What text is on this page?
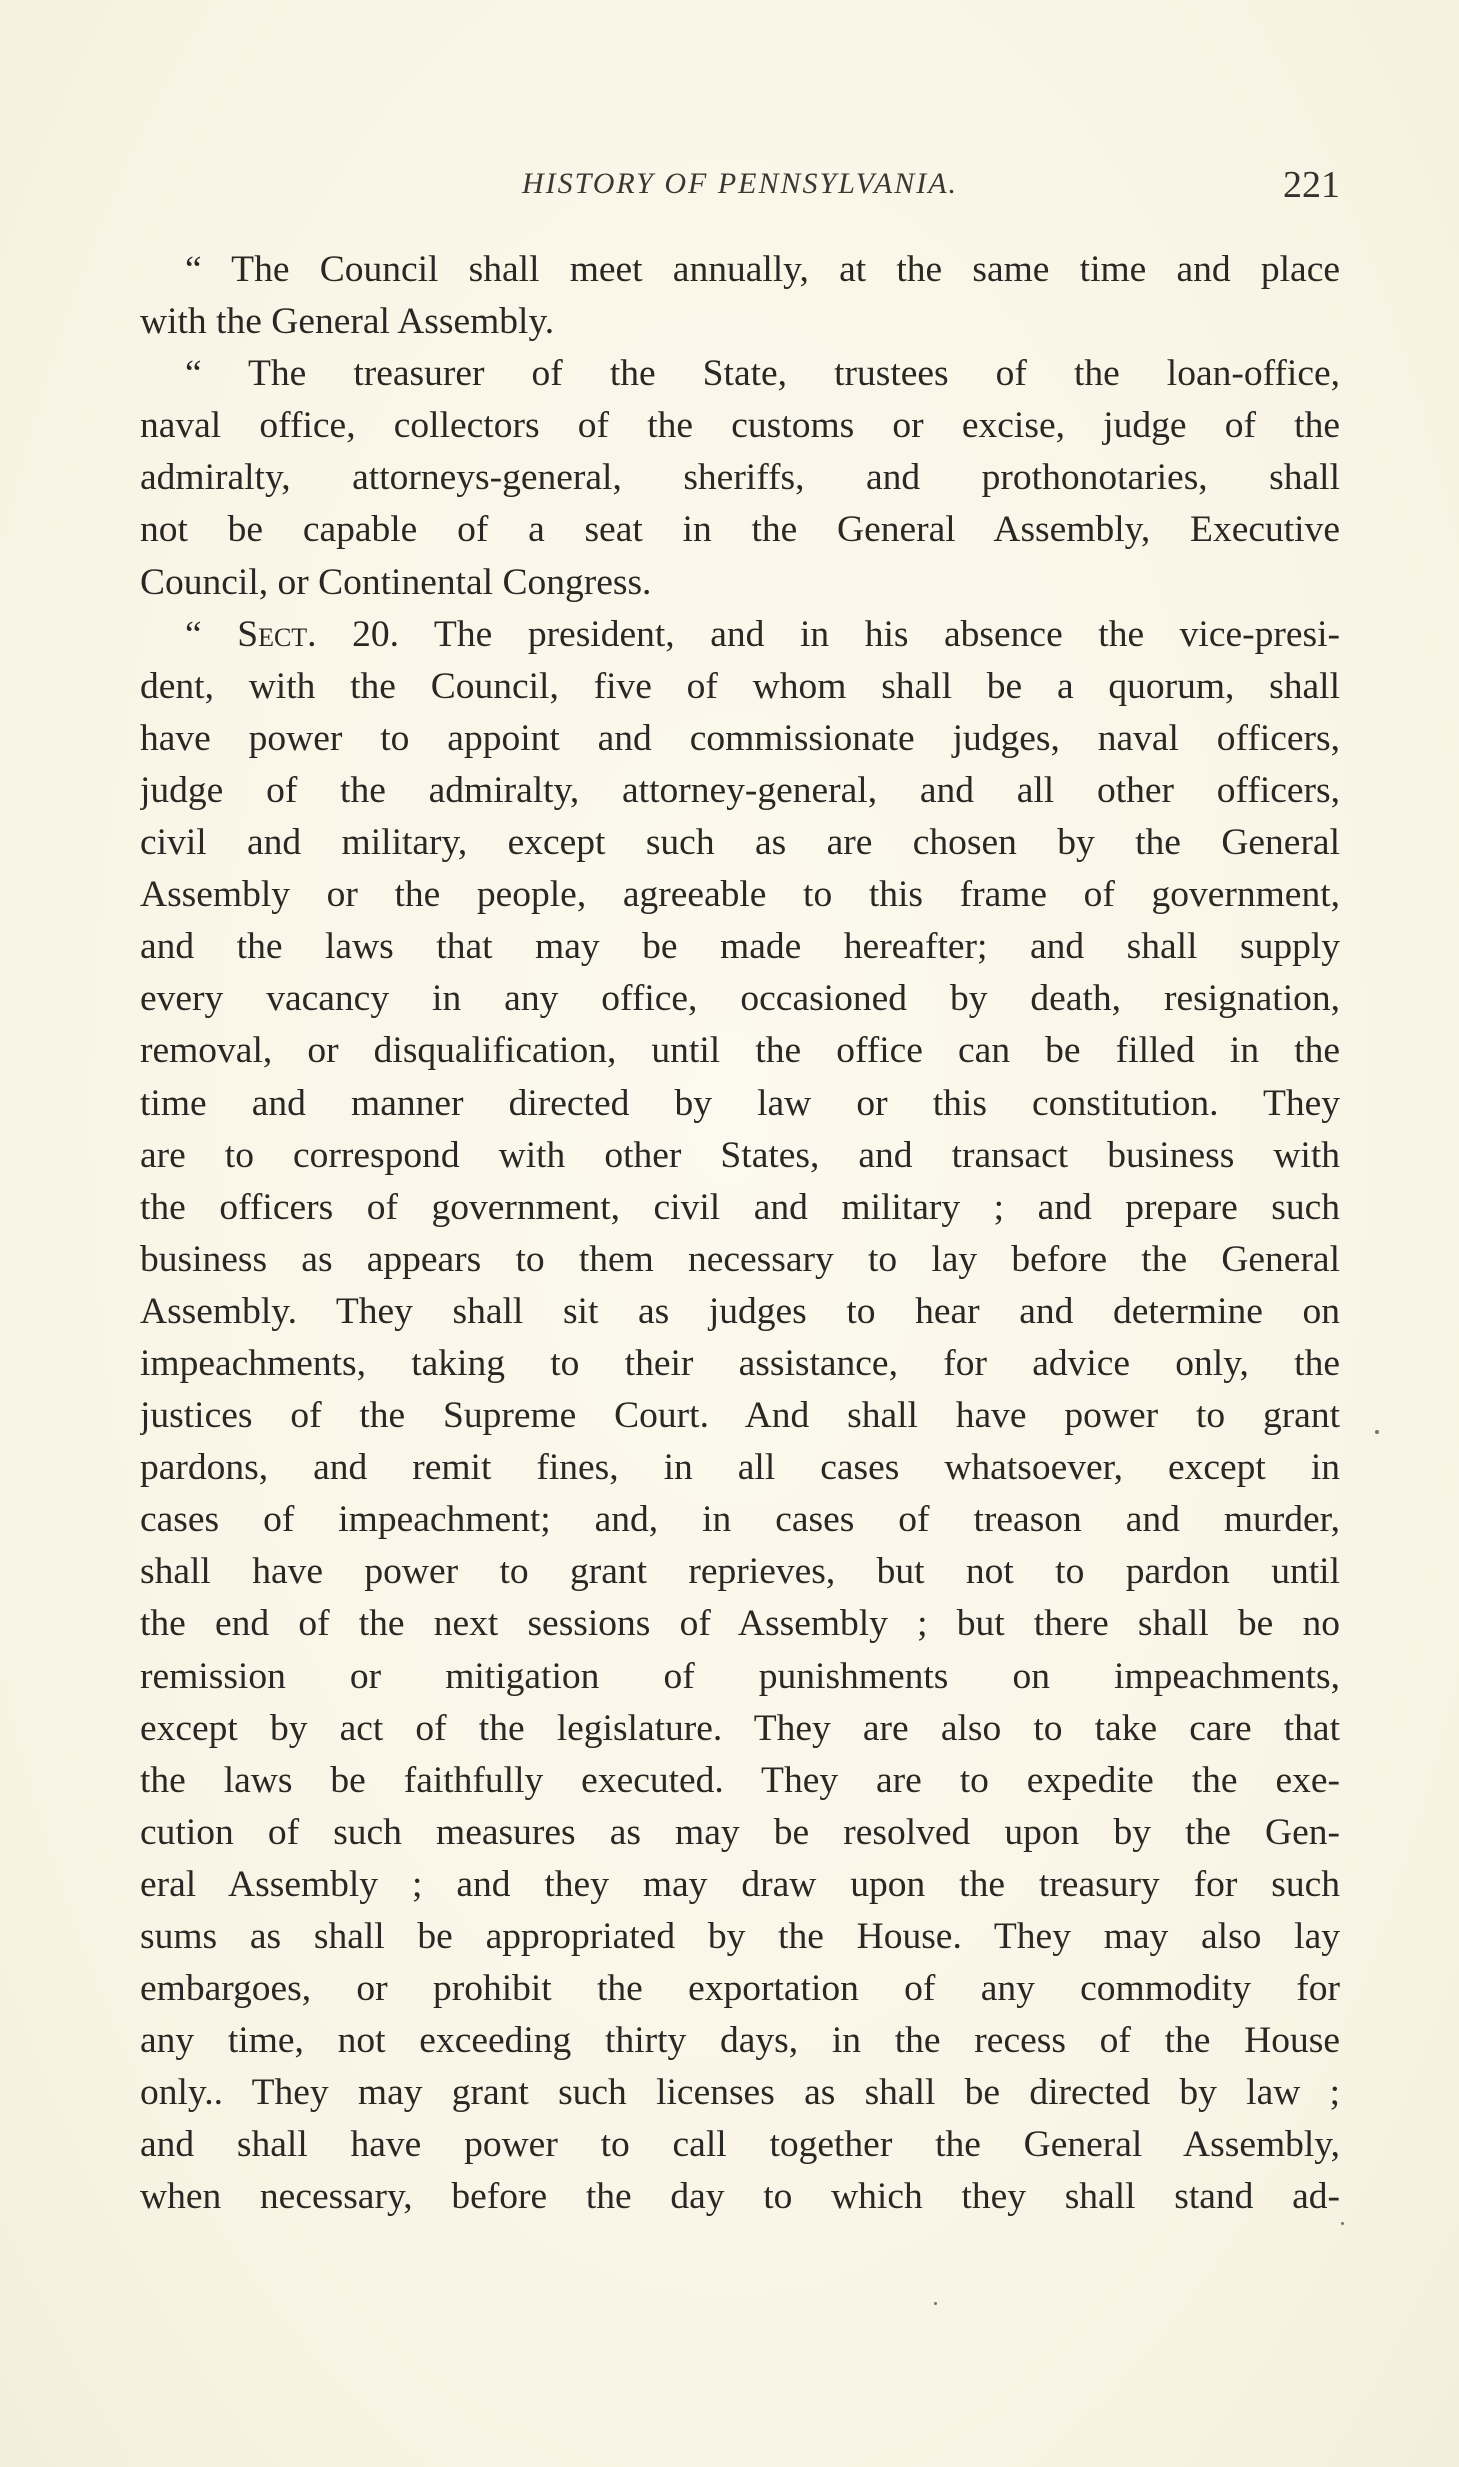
HISTORY OF PENNSYLVANIA.	221
“ The Council shall meet annually, at the same time and place
with the General Assembly.
“ The treasurer of the State, trustees of the loan-office,
naval office, collectors of the customs or excise, judge of the
admiralty, attorneys-general, sheriffs, and prothonotaries, shall
not be capable of a seat in the General Assembly, Executive
Council, or Continental Congress.
“ Sect. 20. The president, and in his absence the vice-presi-
dent, with the Council, five of whom shall be a quorum, shall
have power to appoint and commissionate judges, naval officers,
judge of the admiralty, attorney-general, and all other officers,
civil and military, except such as are chosen by the General
Assembly or the people, agreeable to this frame of government,
and the laws that may be made hereafter; and shall supply
every vacancy in any office, occasioned by death, resignation,
removal, or disqualification, until the office can be filled in the
time and manner directed by law or this constitution. They
are to correspond with other States, and transact business with
the officers of government, civil and military ; and prepare such
business as appears to them necessary to lay before the General
Assembly. They shall sit as judges to hear and determine on
impeachments, taking to their assistance, for advice only, the
justices of the Supreme Court. And shall have power to grant
pardons, and remit fines, in all cases whatsoever, except in
cases of impeachment; and, in cases of treason and murder,
shall have power to grant reprieves, but not to pardon until
the end of the next sessions of Assembly ; but there shall be no
remission or mitigation of punishments on impeachments,
except by act of the legislature. They are also to take care that
the laws be faithfully executed. They are to expedite the exe-
cution of such measures as may be resolved upon by the Gen-
eral Assembly ; and they may draw upon the treasury for such
sums as shall be appropriated by the House. They may also lay
embargoes, or prohibit the exportation of any commodity for
any time, not exceeding thirty days, in the recess of the House
only.. They may grant such licenses as shall be directed by law ;
and shall have power to call together the General Assembly,
when necessary, before the day to which they shall stand ad-
